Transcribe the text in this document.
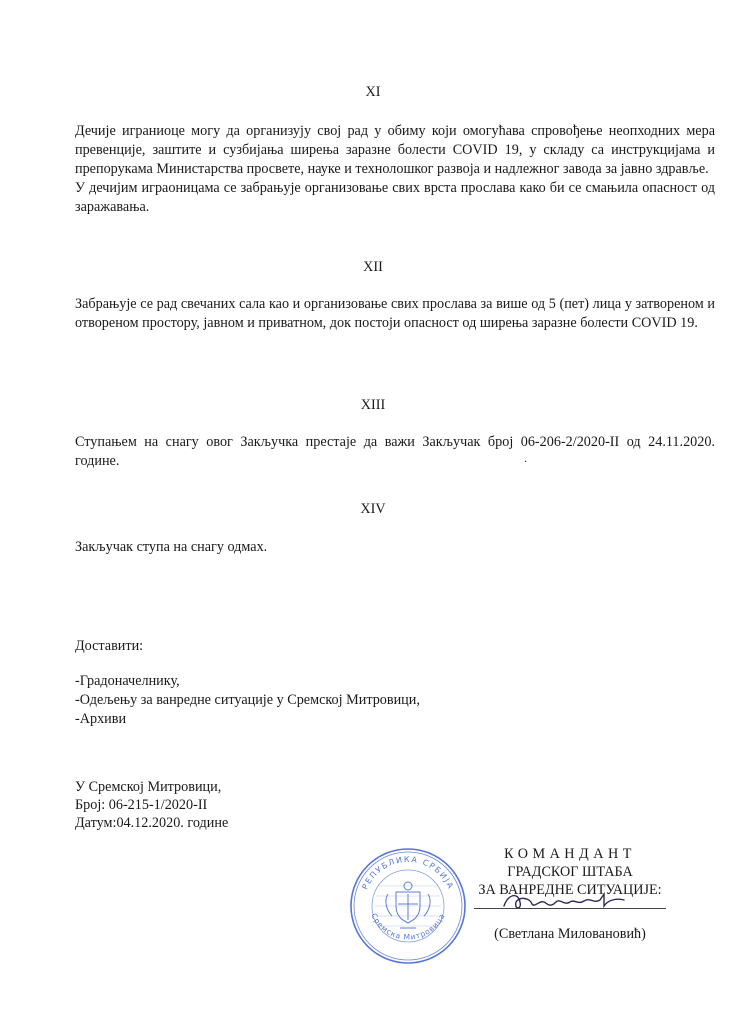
XI

Дечије играниоце могу да организују свој рад у обиму који омогућава спровођење неопходних мера превенције, заштите и сузбијања ширења заразне болести COVID 19, у складу са инструкцијама и препорукама Министарства просвете, науке и технолошког развоја и надлежног завода за јавно здравље.

У дечијим играоницама се забрањује организовање свих врста прослава како би се смањила опасност од заражавања.

XII

Забрањује се рад свечаних сала као и организовање свих прослава за више од 5 (пет) лица у затвореном и отвореном простору, јавном и приватном, док постоји опасност од ширења заразне болести COVID 19.

XIII

Ступањем на снагу овог Закључка престаје да важи Закључак број 06-206-2/2020-II од 24.11.2020. године.	.
XIV
Закључак ступа на снагу одмах.
Доставити:
-Градоначелнику,
-Одељењу за ванредне ситуације у Сремској Митровици,
-Архиви
У Сремској Митровици,
Број: 06-215-1/2020-II
Датум:04.12.2020. године
КОМАНДАНТ
ГРАДСКОГ ШТАБА
ЗА ВАНРЕДНЕ СИТУАЦИЈЕ:
(Светлана Миловановић)
РЕПУБЛИКА СРБИЈА
Сремска Митровица
